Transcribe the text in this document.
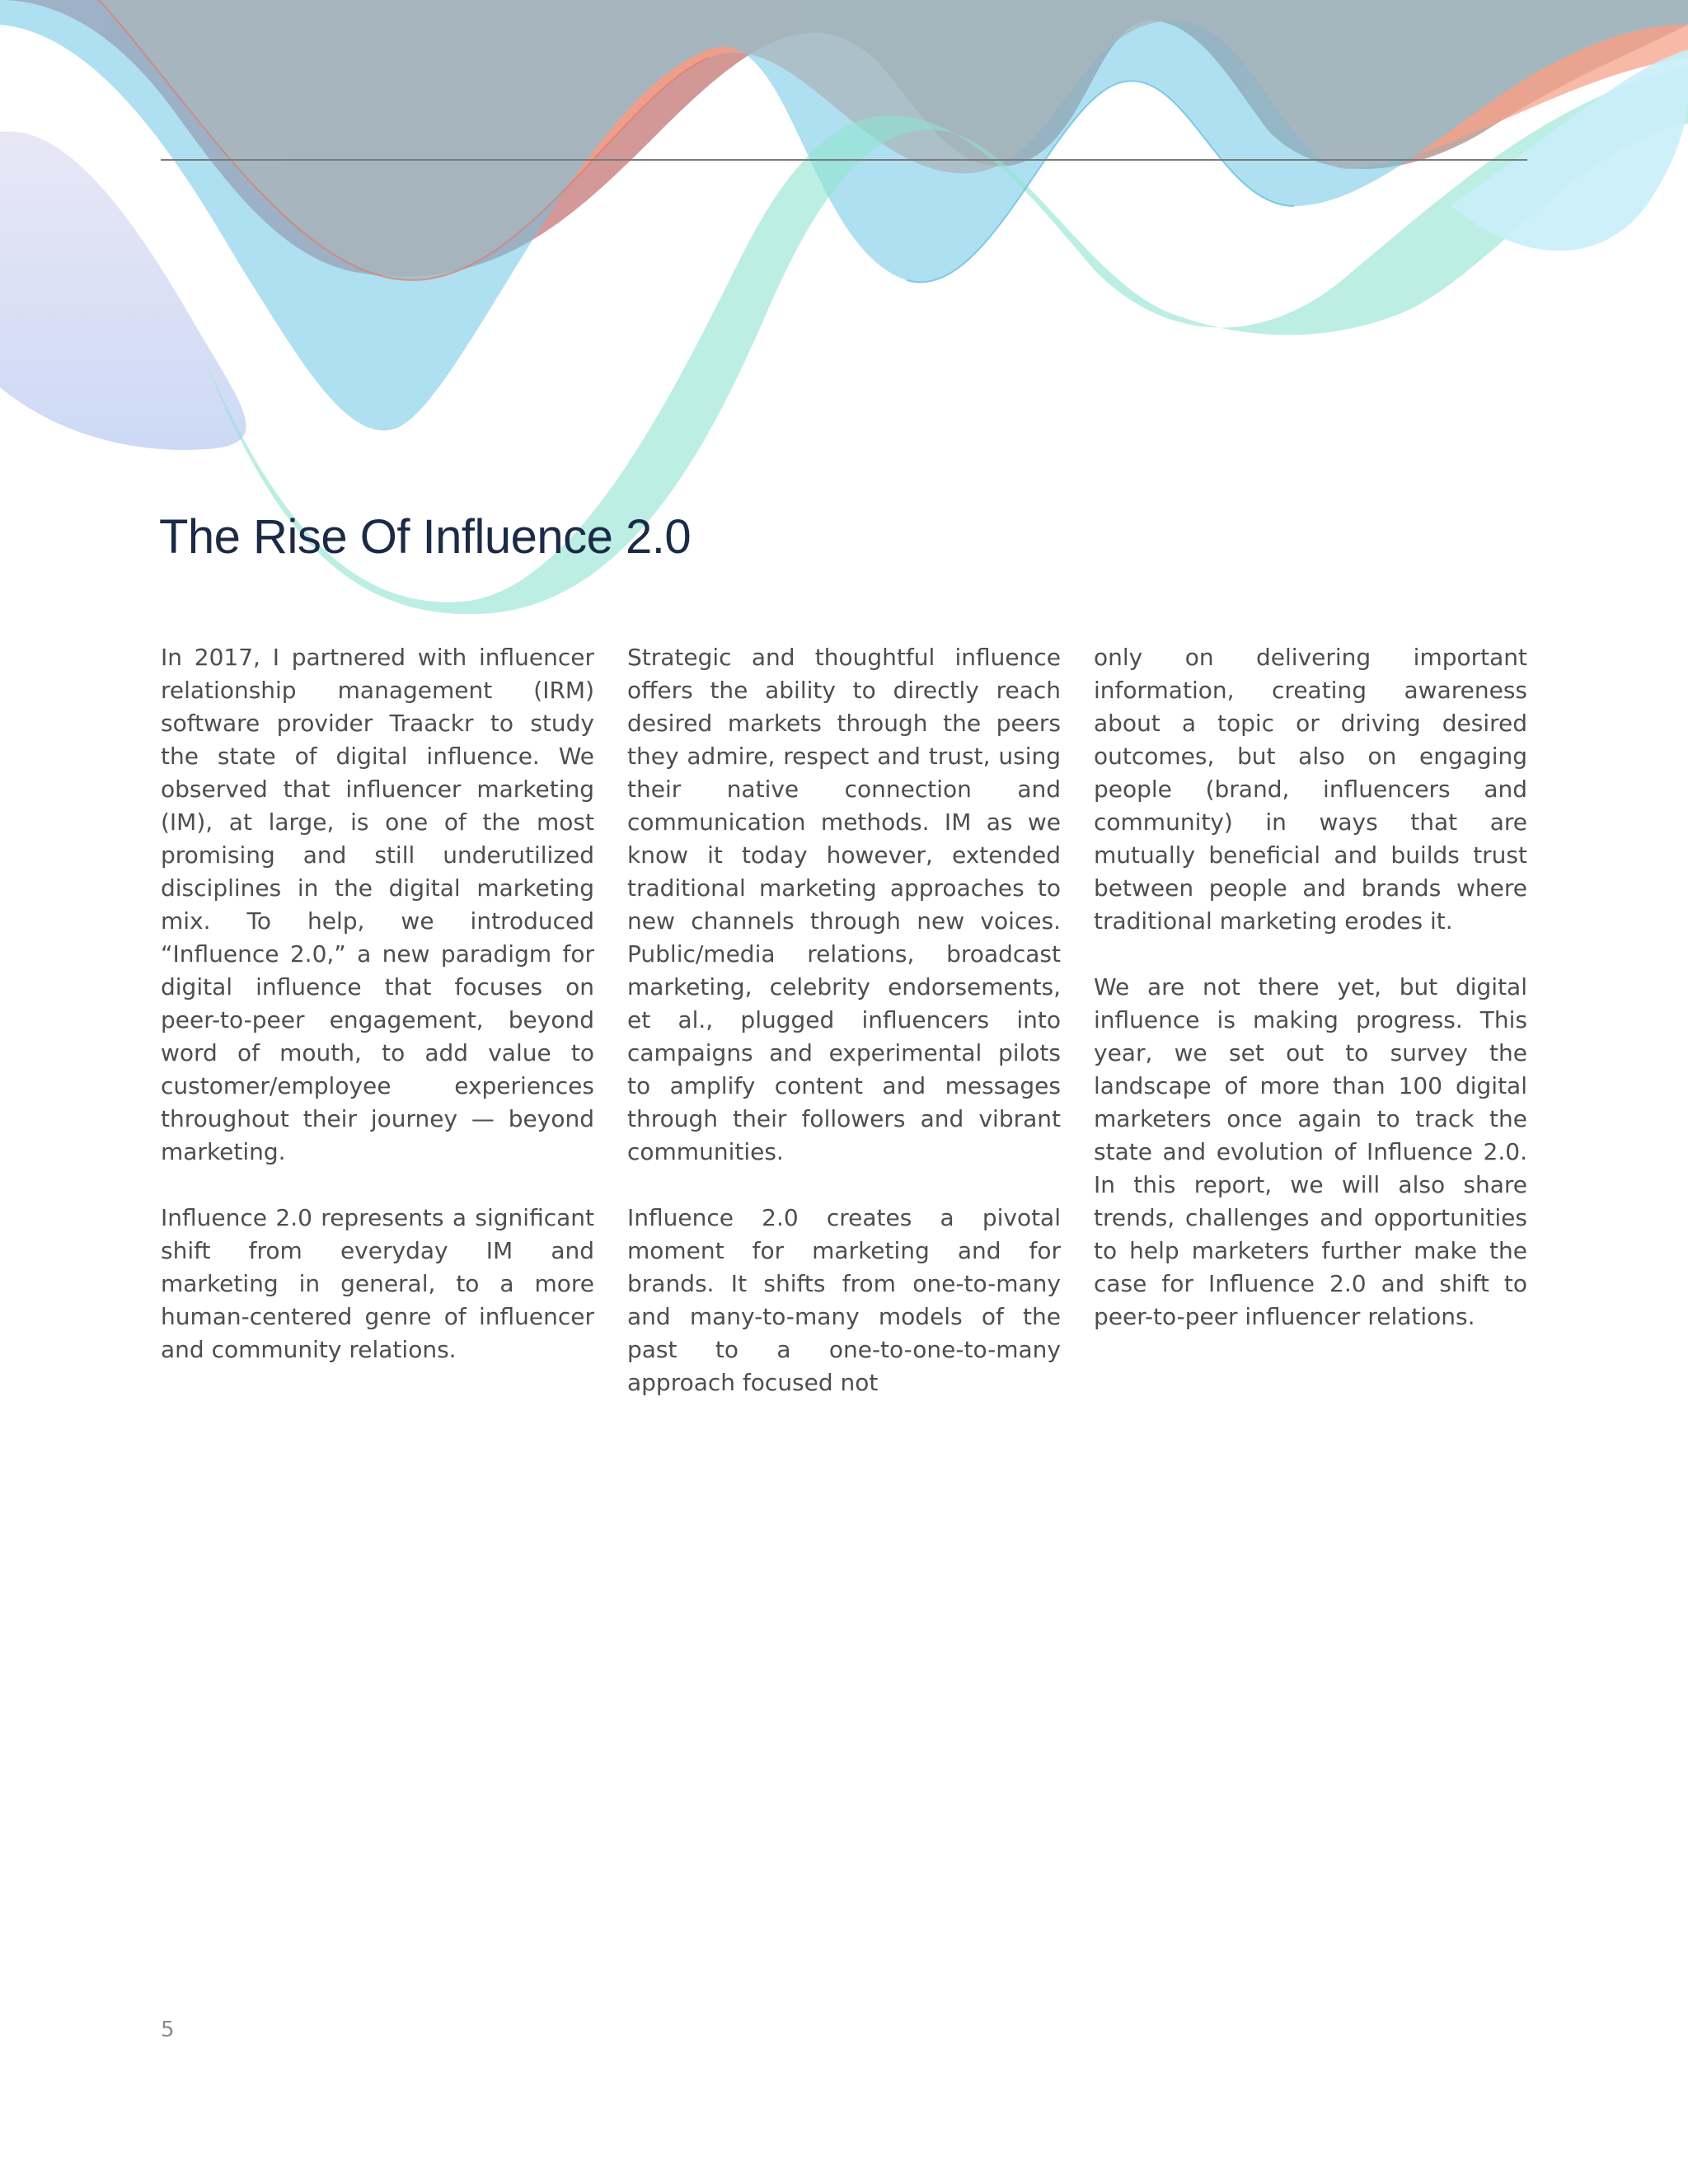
The Rise Of Influence 2.0

In 2017, I partnered with influencer relationship management (IRM) software provider Traackr to study the state of digital influence. We observed that influencer marketing (IM), at large, is one of the most promising and still underutilized disciplines in the digital marketing mix. To help, we introduced “Influence 2.0,” a new paradigm for digital influence that focuses on peer-to-peer engagement, beyond word of mouth, to add value to customer/employee experiences throughout their journey — beyond marketing.

Influence 2.0 represents a significant shift from everyday IM and marketing in general, to a more human-centered genre of influencer and community relations.

Strategic and thoughtful influence offers the ability to directly reach desired markets through the peers they admire, respect and trust, using their native connection and communication methods. IM as we know it today however, extended traditional marketing approaches to new channels through new voices. Public/media relations, broadcast marketing, celebrity endorsements, et al., plugged influencers into campaigns and experimental pilots to amplify content and messages through their followers and vibrant communities.

Influence 2.0 creates a pivotal moment for marketing and for brands. It shifts from one-to-many and many-to-many models of the past to a one-to-one-to-many approach focused not

only on delivering important information, creating awareness about a topic or driving desired outcomes, but also on engaging people (brand, influencers and community) in ways that are mutually beneficial and builds trust between people and brands where traditional marketing erodes it.

We are not there yet, but digital influence is making progress. This year, we set out to survey the landscape of more than 100 digital marketers once again to track the state and evolution of Influence 2.0. In this report, we will also share trends, challenges and opportunities to help marketers further make the case for Influence 2.0 and shift to peer-to-peer influencer relations.

5
